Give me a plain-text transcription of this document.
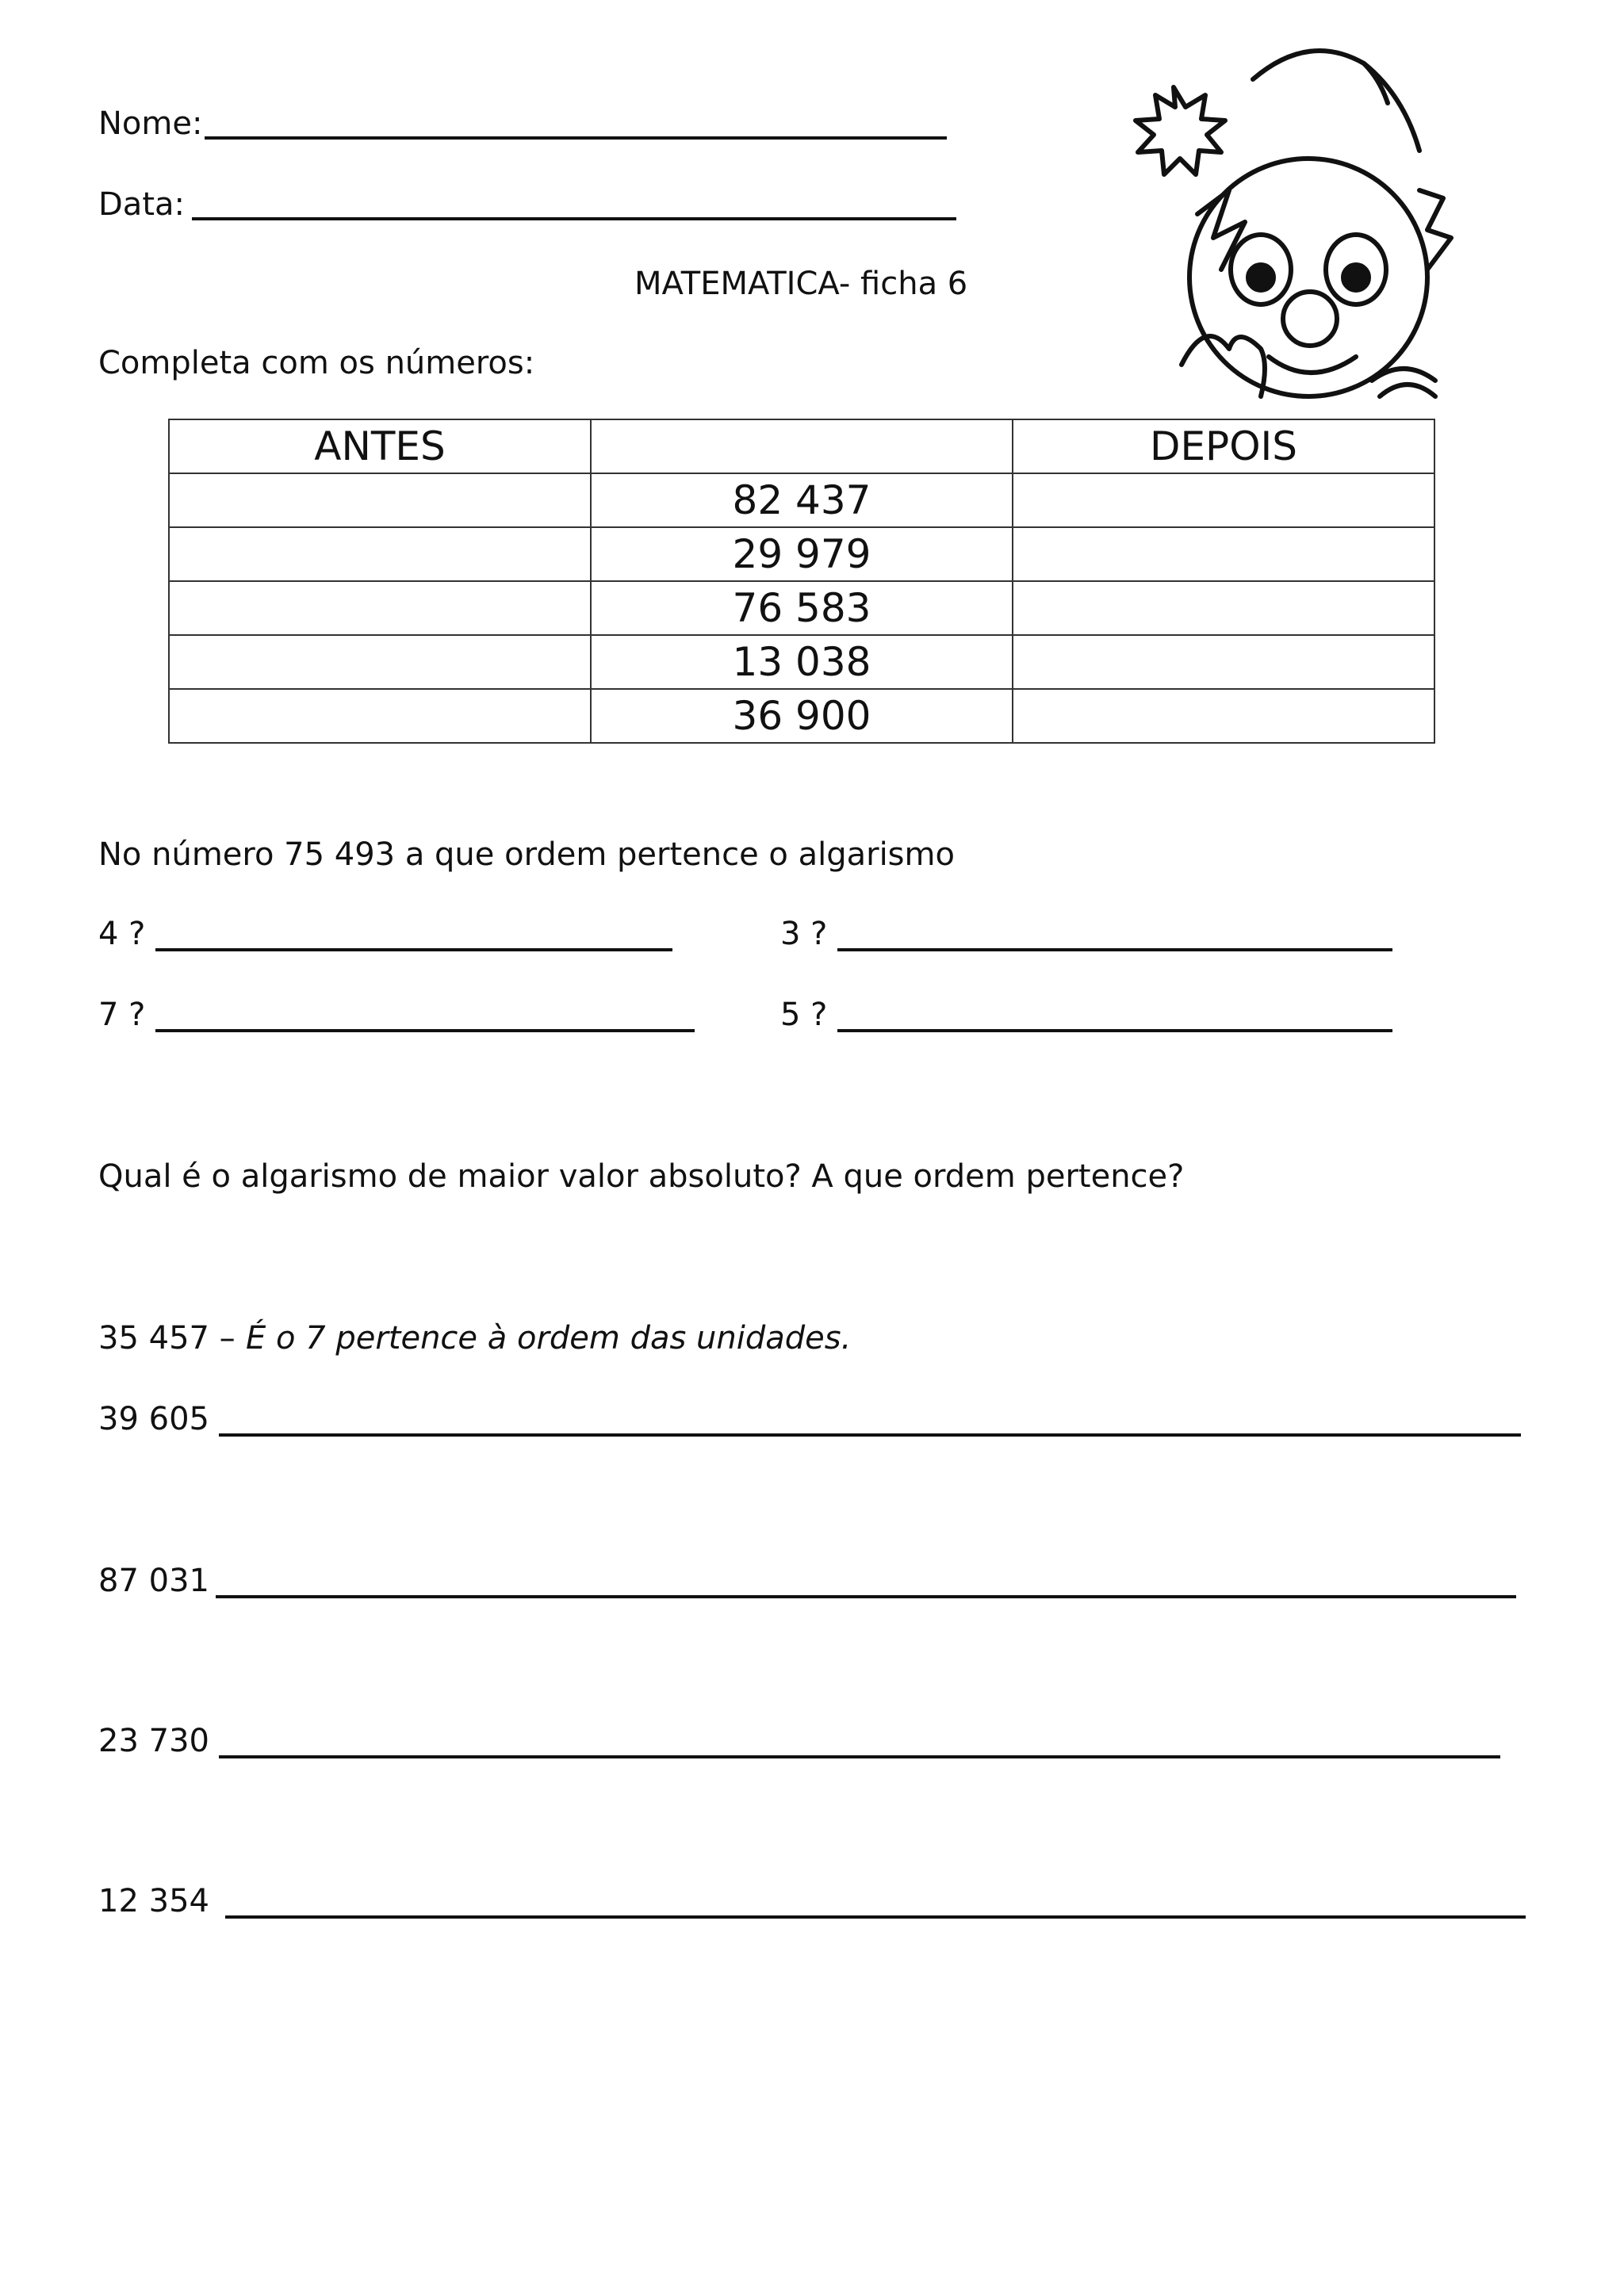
Nome:
Data:
MATEMATICA- ficha 6
Completa com os números:
ANTES		DEPOIS
	82 437	
	29 979	
	76 583	
	13 038	
	36 900	
No número 75 493 a que ordem pertence o algarismo
4 ?	3 ?
7 ?	5 ?
Qual é o algarismo de maior valor absoluto? A que ordem pertence?
35 457 – É o 7 pertence à ordem das unidades.
39 605
87 031
23 730
12 354
